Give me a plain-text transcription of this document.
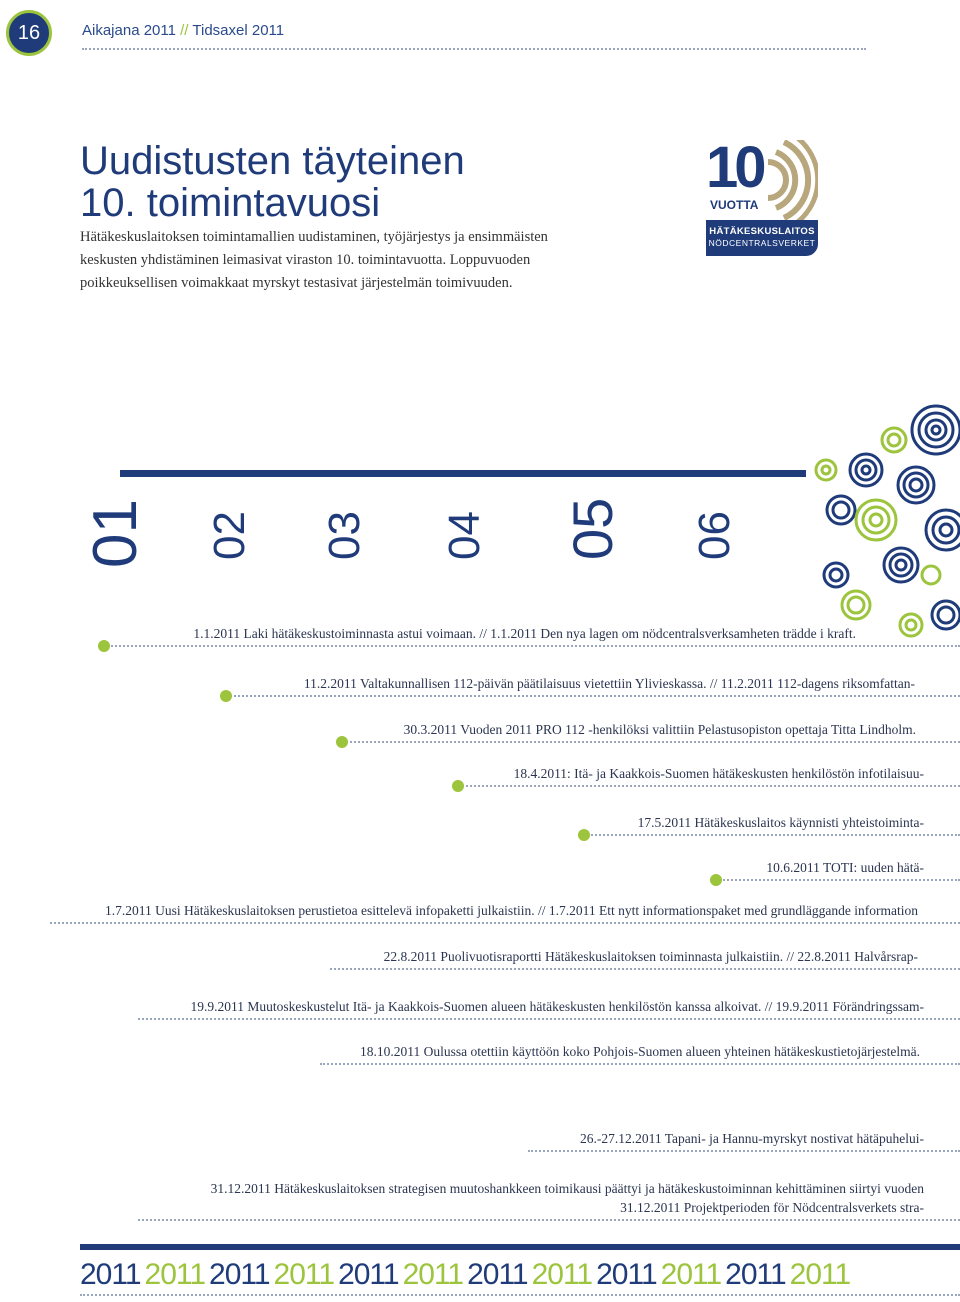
16	Aikajana 2011 // Tidsaxel 2011
Uudistusten täyteinen
10. toimintavuosi
Hätäkeskuslaitoksen toimintamallien uudistaminen, työjärjestys ja ensimmäisten keskusten yhdistäminen leimasivat viraston 10. toimintavuotta. Loppuvuoden poikkeuksellisen voimakkaat myrskyt testasivat järjestelmän toimivuuden.
10
VUOTTA
HÄTÄKESKUSLAITOS
NÖDCENTRALSVERKET
01 02 03 04 05 06
1.1.2011 Laki hätäkeskustoiminnasta astui voimaan. // 1.1.2011 Den nya lagen om nödcentralsverksamheten trädde i kraft.
11.2.2011 Valtakunnallisen 112-päivän päätilaisuus vietettiin Ylivieskassa. // 11.2.2011 112-dagens riksomfattan-
30.3.2011 Vuoden 2011 PRO 112 -henkilöksi valittiin Pelastusopiston opettaja Titta Lindholm.
18.4.2011: Itä- ja Kaakkois-Suomen hätäkeskusten henkilöstön infotilaisuu-
17.5.2011 Hätäkeskuslaitos käynnisti yhteistoiminta-
10.6.2011 TOTI: uuden hätä-
1.7.2011 Uusi Hätäkeskuslaitoksen perustietoa esittelevä infopaketti julkaistiin. // 1.7.2011 Ett nytt informationspaket med grundläggande information
22.8.2011 Puolivuotisraportti Hätäkeskuslaitoksen toiminnasta julkaistiin. // 22.8.2011 Halvårsrap-
19.9.2011 Muutoskeskustelut Itä- ja Kaakkois-Suomen alueen hätäkeskusten henkilöstön kanssa alkoivat. // 19.9.2011 Förändringssam-
18.10.2011 Oulussa otettiin käyttöön koko Pohjois-Suomen alueen yhteinen hätäkeskustietojärjestelmä.
26.-27.12.2011 Tapani- ja Hannu-myrskyt nostivat hätäpuhelui-
31.12.2011 Hätäkeskuslaitoksen strategisen muutoshankkeen toimikausi päättyi ja hätäkeskustoiminnan kehittäminen siirtyi vuoden
31.12.2011 Projektperioden för Nödcentralsverkets stra-
2011 2011 2011 2011 2011 2011 2011 2011 2011 2011 2011 2011
